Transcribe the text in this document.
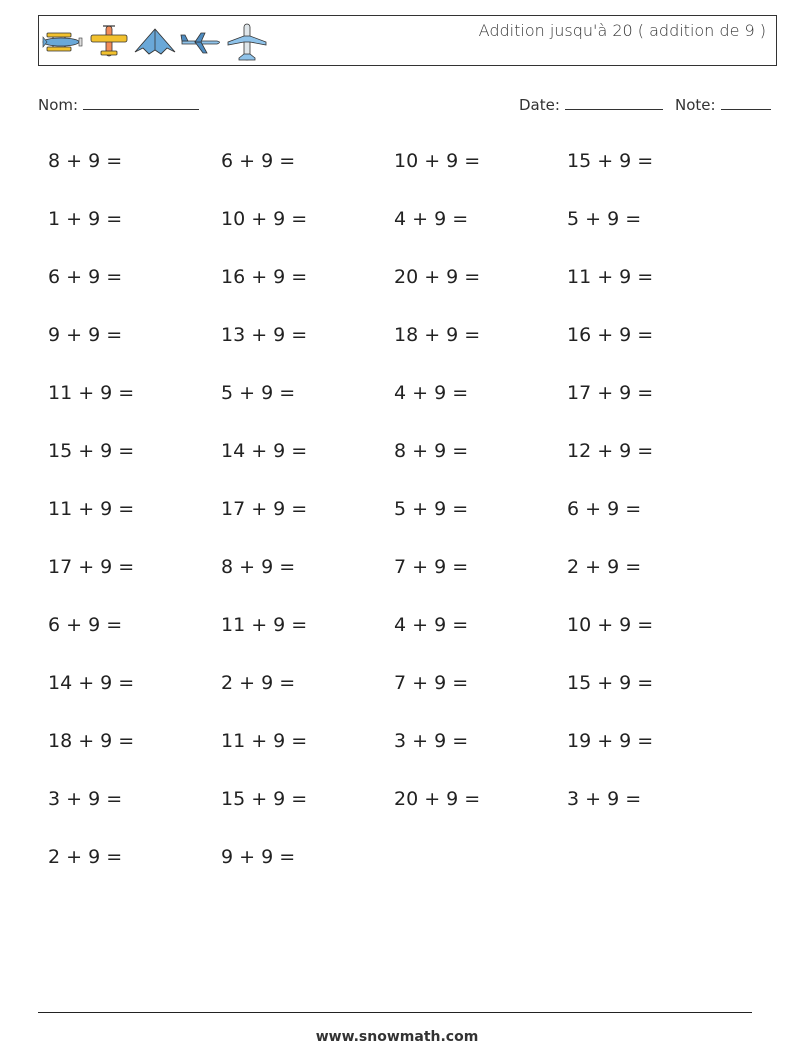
Addition jusqu'à 20 ( addition de 9 )
Nom:	Date:	Note:
8 + 9 =	6 + 9 =	10 + 9 =	15 + 9 =
1 + 9 =	10 + 9 =	4 + 9 =	5 + 9 =
6 + 9 =	16 + 9 =	20 + 9 =	11 + 9 =
9 + 9 =	13 + 9 =	18 + 9 =	16 + 9 =
11 + 9 =	5 + 9 =	4 + 9 =	17 + 9 =
15 + 9 =	14 + 9 =	8 + 9 =	12 + 9 =
11 + 9 =	17 + 9 =	5 + 9 =	6 + 9 =
17 + 9 =	8 + 9 =	7 + 9 =	2 + 9 =
6 + 9 =	11 + 9 =	4 + 9 =	10 + 9 =
14 + 9 =	2 + 9 =	7 + 9 =	15 + 9 =
18 + 9 =	11 + 9 =	3 + 9 =	19 + 9 =
3 + 9 =	15 + 9 =	20 + 9 =	3 + 9 =
2 + 9 =	9 + 9 =
www.snowmath.com
